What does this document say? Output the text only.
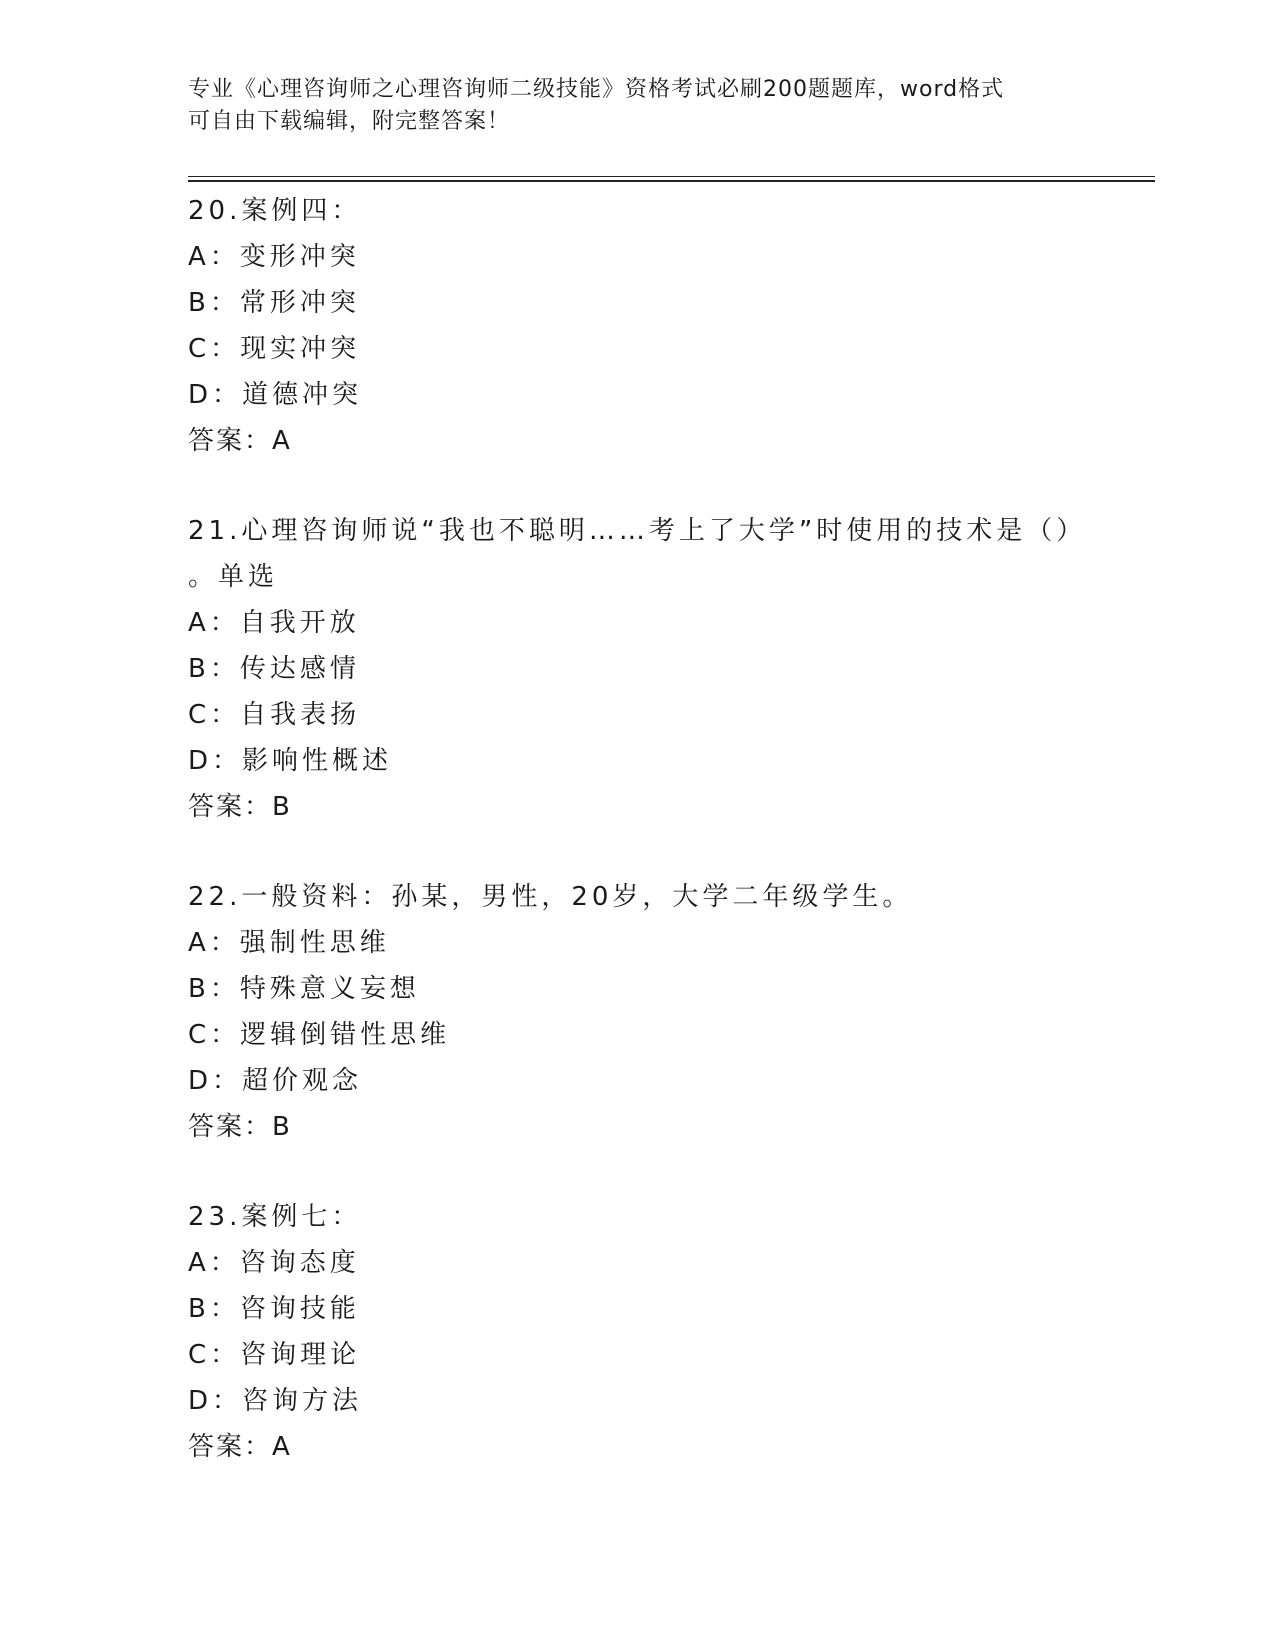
专业《心理咨询师之心理咨询师二级技能》资格考试必刷200题题库，word格式
可自由下载编辑，附完整答案！
20.案例四：
A：变形冲突
B：常形冲突
C：现实冲突
D：道德冲突
答案：A
21.心理咨询师说“我也不聪明……考上了大学”时使用的技术是（）
。单选
A：自我开放
B：传达感情
C：自我表扬
D：影响性概述
答案：B
22.一般资料：孙某，男性，20岁，大学二年级学生。
A：强制性思维
B：特殊意义妄想
C：逻辑倒错性思维
D：超价观念
答案：B
23.案例七：
A：咨询态度
B：咨询技能
C：咨询理论
D：咨询方法
答案：A
